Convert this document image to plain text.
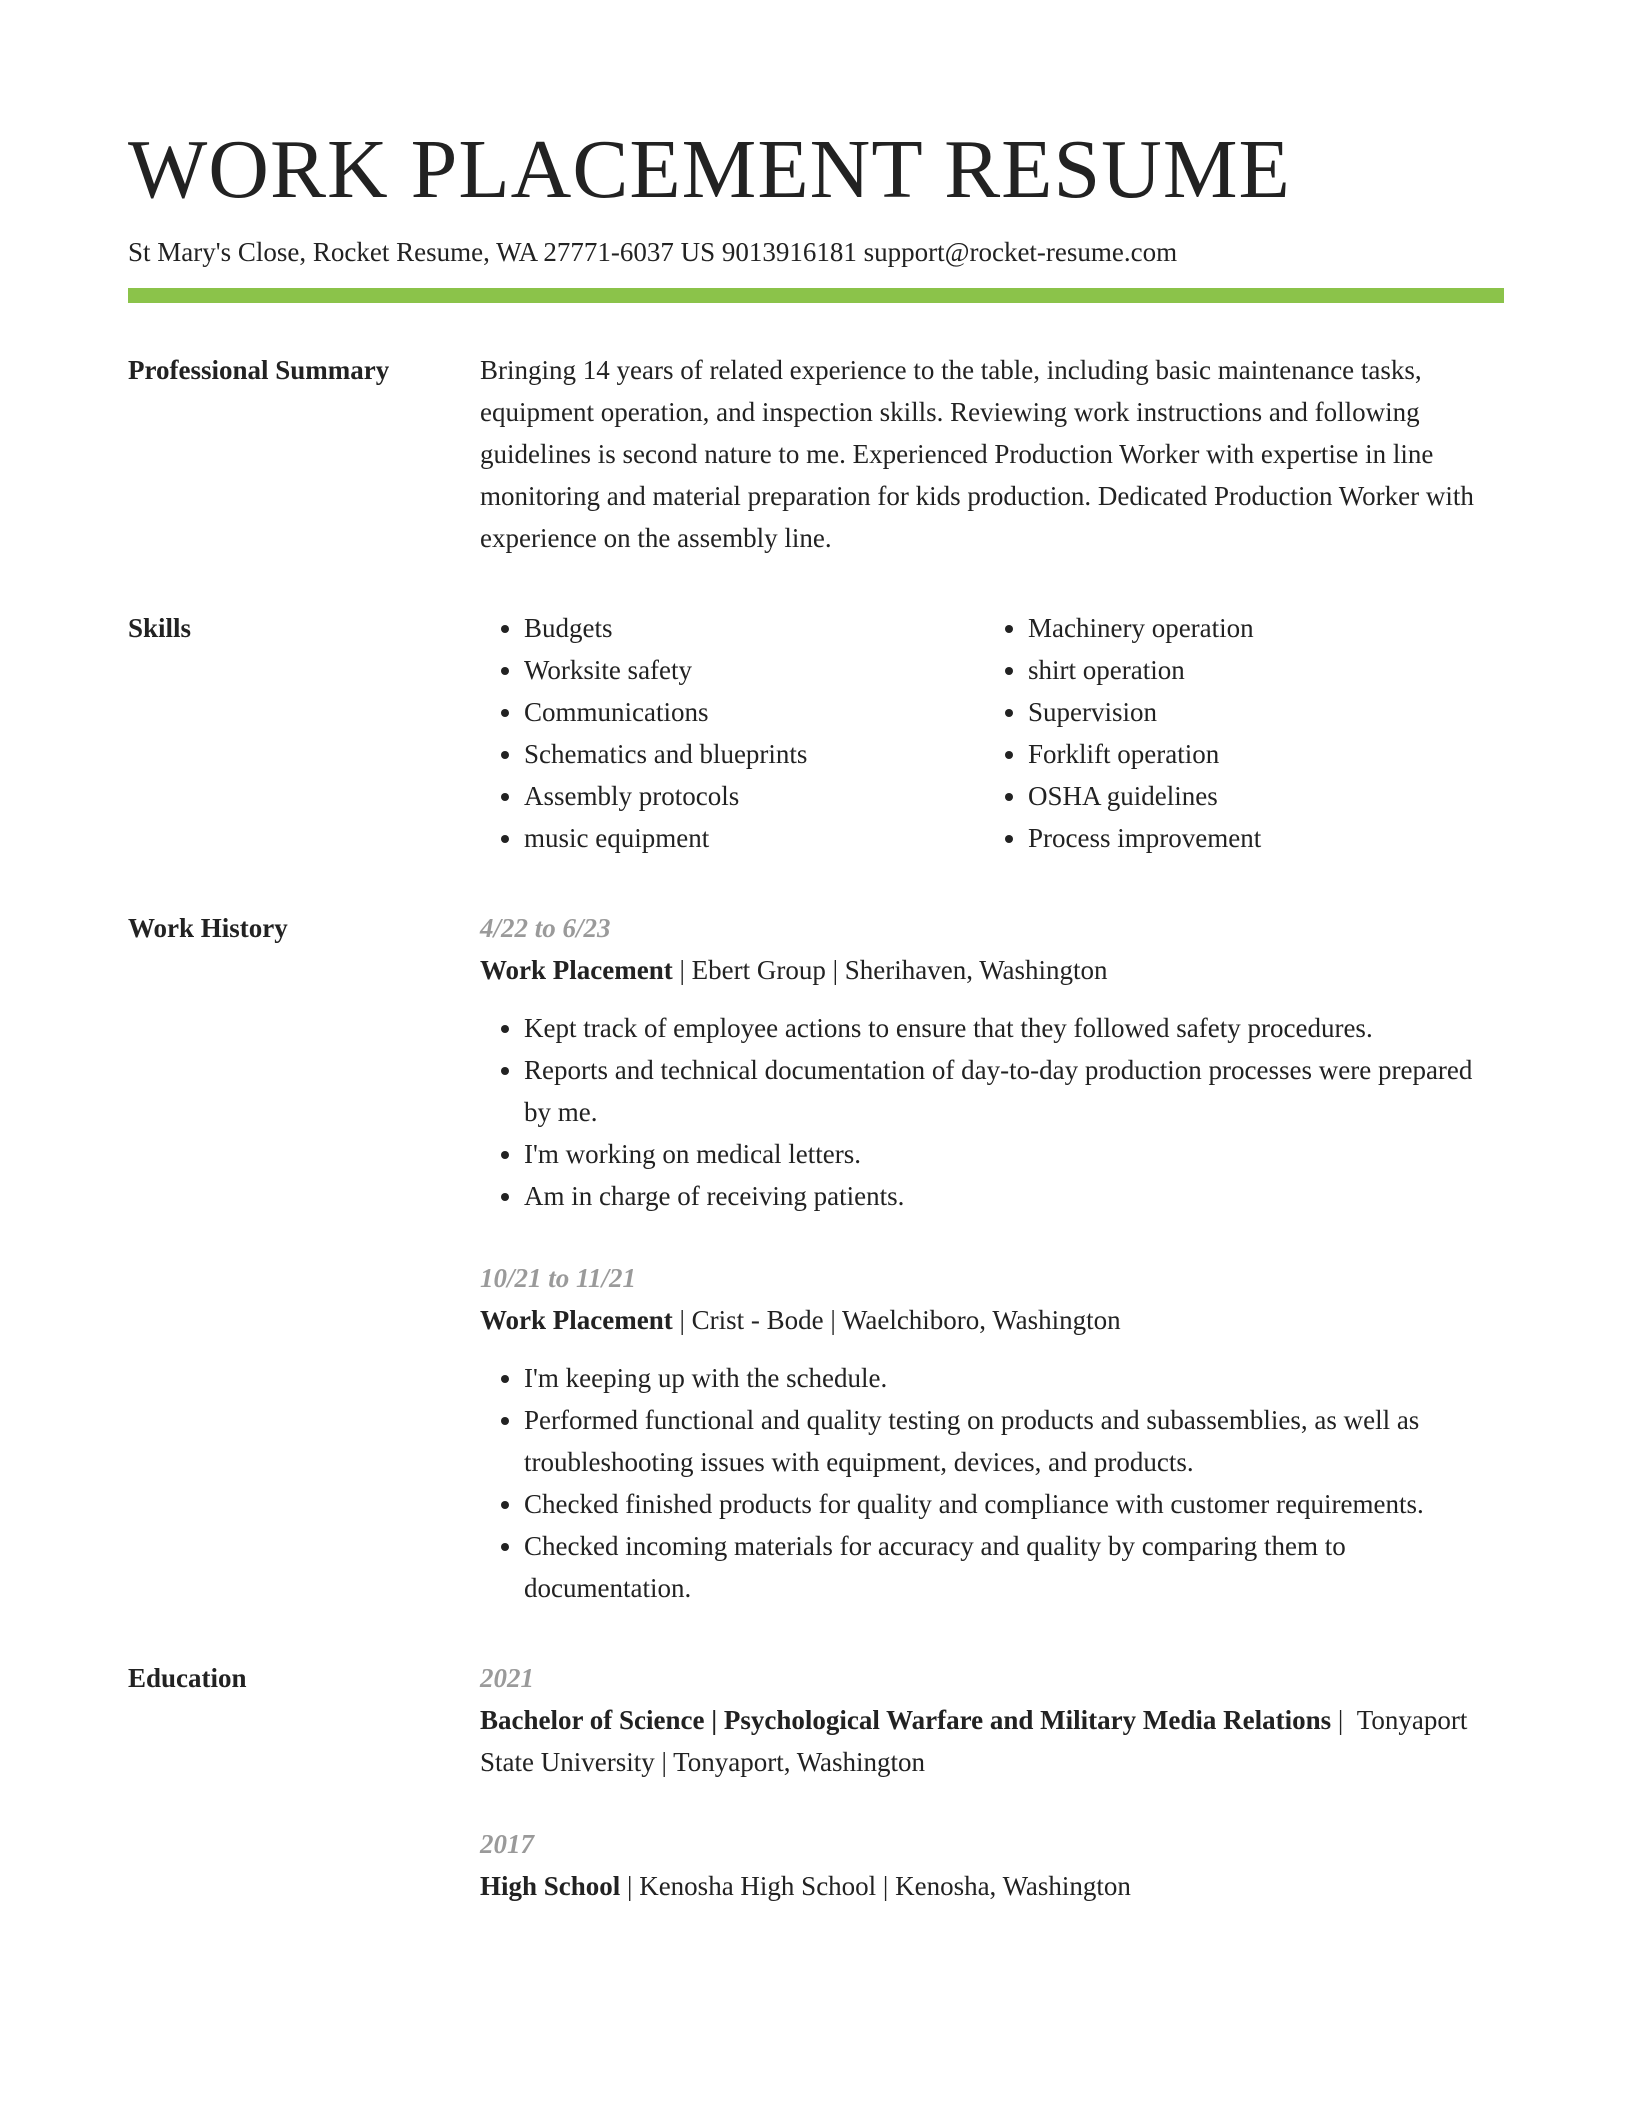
WORK PLACEMENT RESUME
St Mary's Close, Rocket Resume, WA 27771-6037 US 9013916181 support@rocket-resume.com
Professional Summary	Bringing 14 years of related experience to the table, including basic maintenance tasks, equipment operation, and inspection skills. Reviewing work instructions and following guidelines is second nature to me. Experienced Production Worker with expertise in line monitoring and material preparation for kids production. Dedicated Production Worker with experience on the assembly line.

Skills
•	Budgets
• Worksite safety
• Communications
• Schematics and blueprints
• Assembly protocols
• music equipment
• Machinery operation
• shirt operation
• Supervision
• Forklift operation
• OSHA guidelines
• Process improvement
Work History	4/22 to 6/23
Work Placement | Ebert Group | Sherihaven, Washington
• Kept track of employee actions to ensure that they followed safety procedures.
• Reports and technical documentation of day-to-day production processes were prepared by me.
• I'm working on medical letters.
• Am in charge of receiving patients.
10/21 to 11/21
Work Placement | Crist - Bode | Waelchiboro, Washington
• I'm keeping up with the schedule.
• Performed functional and quality testing on products and subassemblies, as well as troubleshooting issues with equipment, devices, and products.
• Checked finished products for quality and compliance with customer requirements.
• Checked incoming materials for accuracy and quality by comparing them to documentation.
Education	2021
Bachelor of Science | Psychological Warfare and Military Media Relations |  Tonyaport State University | Tonyaport, Washington
2017
High School | Kenosha High School | Kenosha, Washington
